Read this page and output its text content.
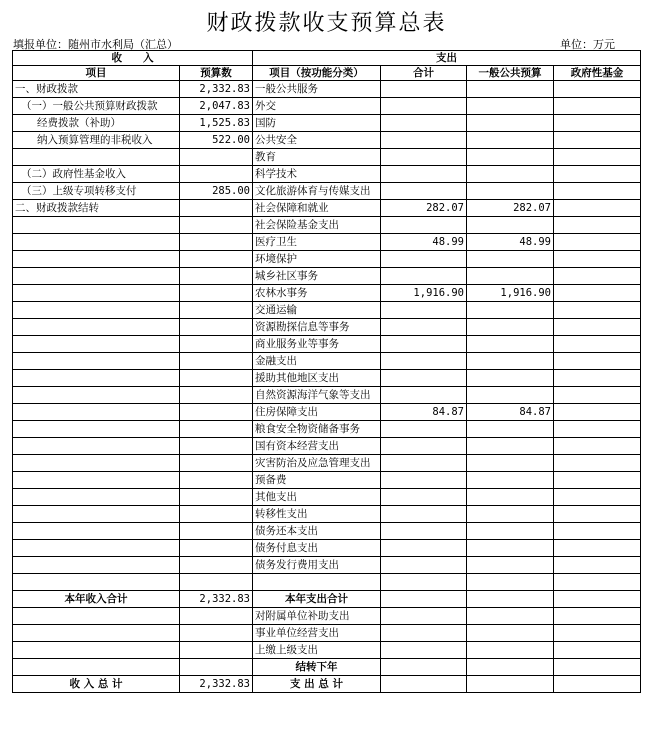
财政拨款收支预算总表
填报单位：随州市水利局（汇总）	单位：万元
收　　入		支出			
项目	预算数	项目（按功能分类）	合计	一般公共预算	政府性基金
一、财政拨款	2,332.83	一般公共服务			
（一）一般公共预算财政拨款	2,047.83	外交			
经费拨款（补助）	1,525.83	国防			
纳入预算管理的非税收入	522.00	公共安全			
		教育			
（二）政府性基金收入		科学技术			
（三）上级专项转移支付	285.00	文化旅游体育与传媒支出			
二、财政拨款结转		社会保障和就业	282.07	282.07	
		社会保险基金支出			
		医疗卫生	48.99	48.99	
		环境保护			
		城乡社区事务			
		农林水事务	1,916.90	1,916.90	
		交通运输			
		资源勘探信息等事务			
		商业服务业等事务			
		金融支出			
		援助其他地区支出			
		自然资源海洋气象等支出			
		住房保障支出	84.87	84.87	
		粮食安全物资储备事务			
		国有资本经营支出			
		灾害防治及应急管理支出			
		预备费			
		其他支出			
		转移性支出			
		债务还本支出			
		债务付息支出			
		债务发行费用支出			

本年收入合计	2,332.83	本年支出合计			
		对附属单位补助支出			
		事业单位经营支出			
		上缴上级支出			
		结转下年			
收 入 总 计	2,332.83	支 出 总 计			
